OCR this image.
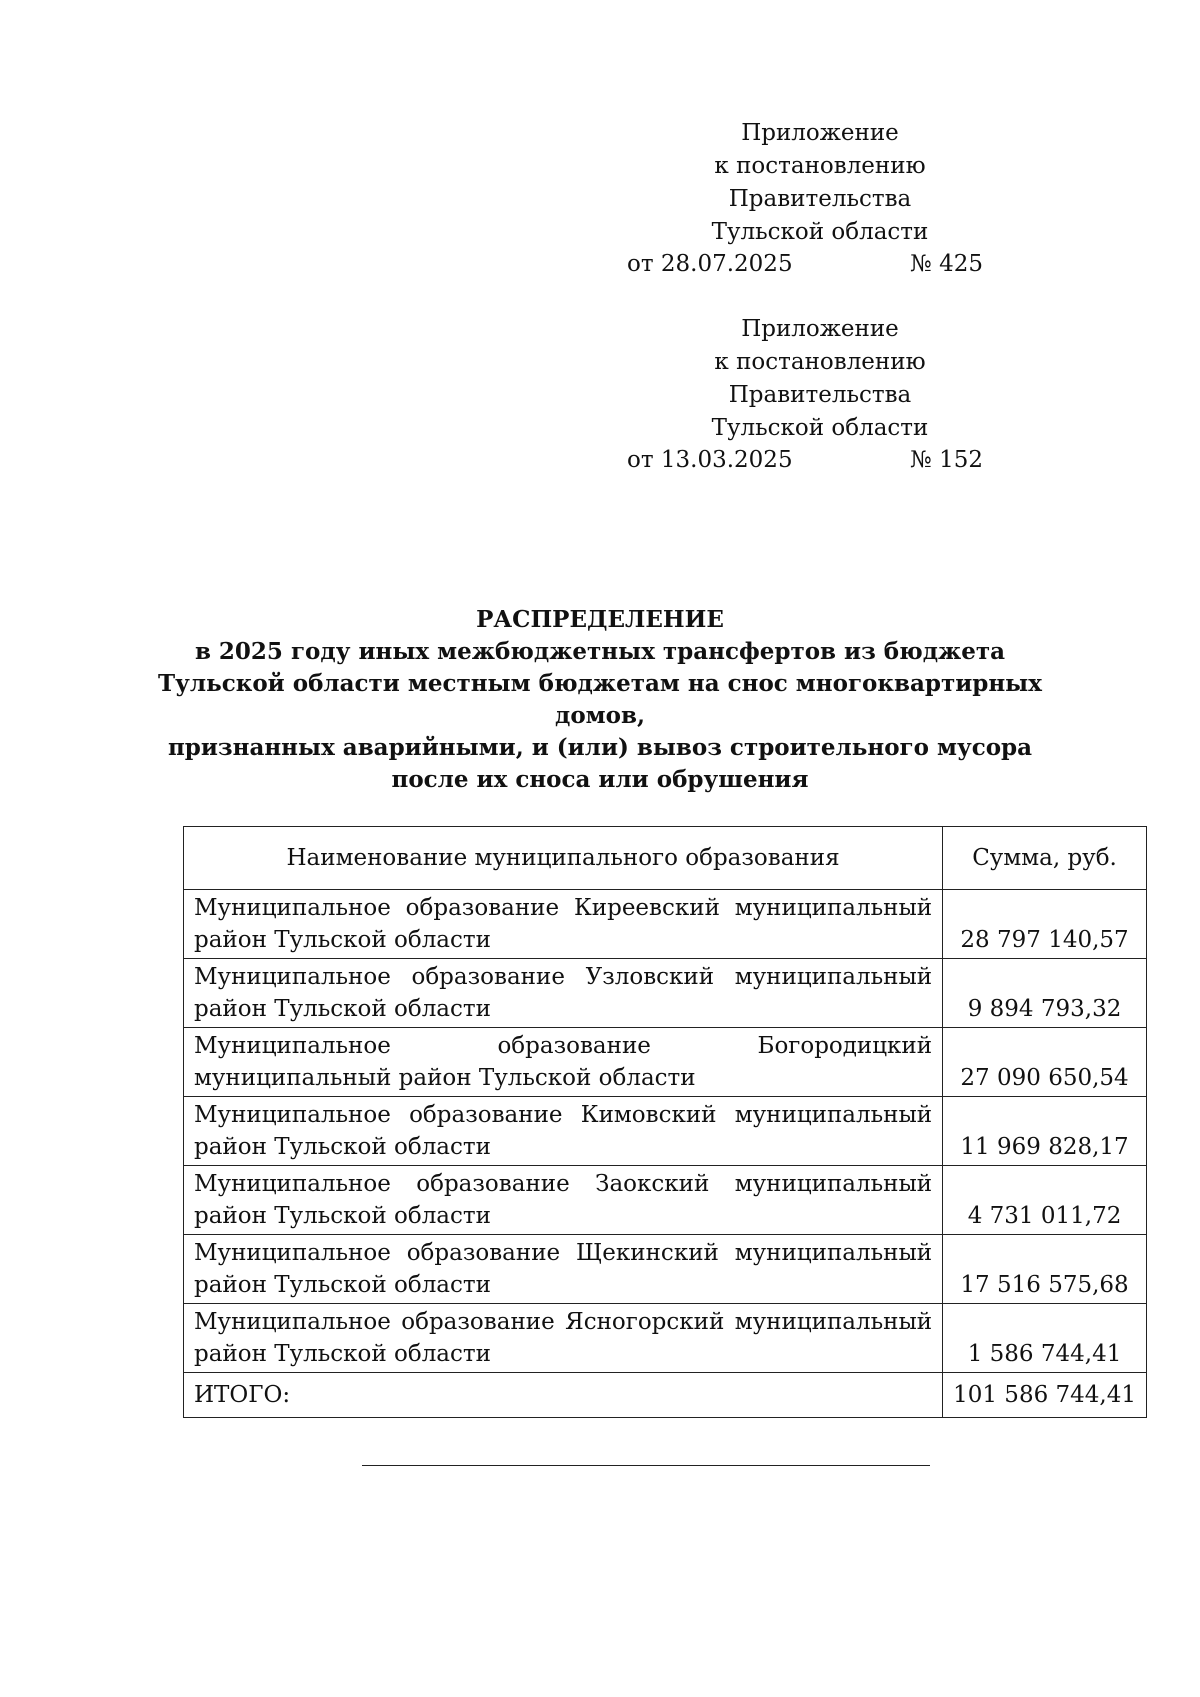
Приложение
к постановлению Правительства
Тульской области
от 28.07.2025	№ 425
Приложение
к постановлению Правительства
Тульской области
от 13.03.2025	№ 152
РАСПРЕДЕЛЕНИЕ
в 2025 году иных межбюджетных трансфертов из бюджета
Тульской области местным бюджетам на снос многоквартирных домов,
признанных аварийными, и (или) вывоз строительного мусора
после их сноса или обрушения
Наименование муниципального образования	Сумма, руб.
Муниципальное образование Киреевский муниципальный район Тульской области	28 797 140,57
Муниципальное образование Узловский муниципальный район Тульской области	9 894 793,32
Муниципальное образование Богородицкий муниципальный район Тульской области	27 090 650,54
Муниципальное образование Кимовский муниципальный район Тульской области	11 969 828,17
Муниципальное образование Заокский муниципальный район Тульской области	4 731 011,72
Муниципальное образование Щекинский муниципальный район Тульской области	17 516 575,68
Муниципальное образование Ясногорский муниципальный район Тульской области	1 586 744,41
ИТОГО:	101 586 744,41
